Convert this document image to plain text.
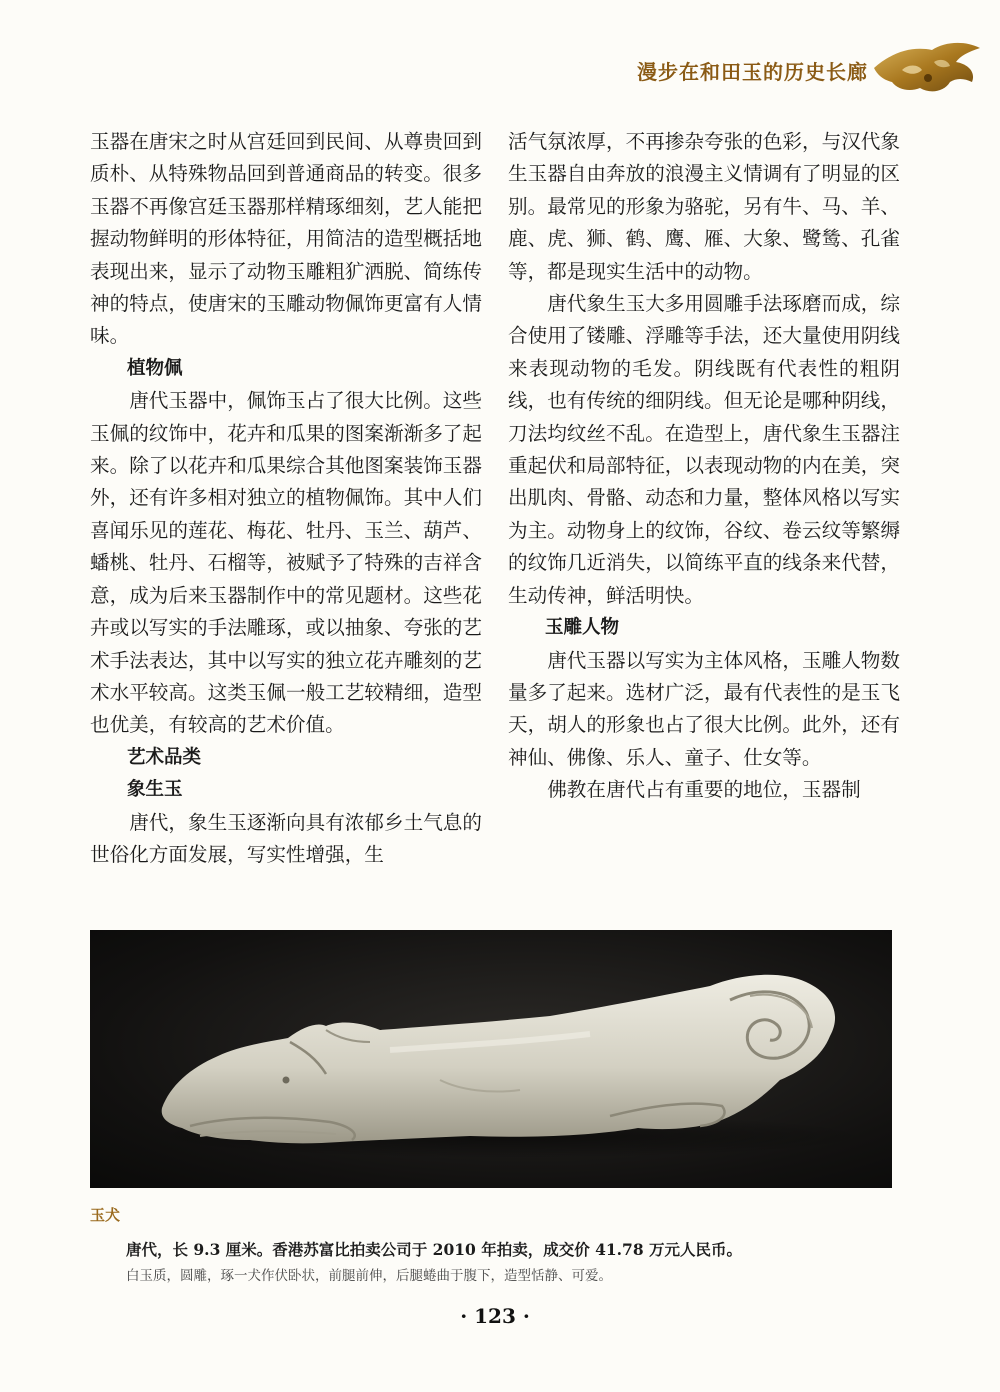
漫步在和田玉的历史长廊

玉器在唐宋之时从宫廷回到民间、从尊贵回到质朴、从特殊物品回到普通商品的转变。很多玉器不再像宫廷玉器那样精琢细刻，艺人能把握动物鲜明的形体特征，用简洁的造型概括地表现出来，显示了动物玉雕粗犷洒脱、简练传神的特点，使唐宋的玉雕动物佩饰更富有人情味。

植物佩

唐代玉器中，佩饰玉占了很大比例。这些玉佩的纹饰中，花卉和瓜果的图案渐渐多了起来。除了以花卉和瓜果综合其他图案装饰玉器外，还有许多相对独立的植物佩饰。其中人们喜闻乐见的莲花、梅花、牡丹、玉兰、葫芦、蟠桃、牡丹、石榴等，被赋予了特殊的吉祥含意，成为后来玉器制作中的常见题材。这些花卉或以写实的手法雕琢，或以抽象、夸张的艺术手法表达，其中以写实的独立花卉雕刻的艺术水平较高。这类玉佩一般工艺较精细，造型也优美，有较高的艺术价值。

艺术品类

象生玉

唐代，象生玉逐渐向具有浓郁乡土气息的世俗化方面发展，写实性增强，生

活气氛浓厚，不再掺杂夸张的色彩，与汉代象生玉器自由奔放的浪漫主义情调有了明显的区别。最常见的形象为骆驼，另有牛、马、羊、鹿、虎、狮、鹤、鹰、雁、大象、鹭鸶、孔雀等，都是现实生活中的动物。

唐代象生玉大多用圆雕手法琢磨而成，综合使用了镂雕、浮雕等手法，还大量使用阴线来表现动物的毛发。阴线既有代表性的粗阴线，也有传统的细阴线。但无论是哪种阴线，刀法均纹丝不乱。在造型上，唐代象生玉器注重起伏和局部特征，以表现动物的内在美，突出肌肉、骨骼、动态和力量，整体风格以写实为主。动物身上的纹饰，谷纹、卷云纹等繁缛的纹饰几近消失，以简练平直的线条来代替，生动传神，鲜活明快。

玉雕人物

唐代玉器以写实为主体风格，玉雕人物数量多了起来。选材广泛，最有代表性的是玉飞天，胡人的形象也占了很大比例。此外，还有神仙、佛像、乐人、童子、仕女等。

佛教在唐代占有重要的地位，玉器制

玉犬
唐代，长 9.3 厘米。香港苏富比拍卖公司于 2010 年拍卖，成交价 41.78 万元人民币。
白玉质，圆雕，琢一犬作伏卧状，前腿前伸，后腿蜷曲于腹下，造型恬静、可爱。
· 123 ·
